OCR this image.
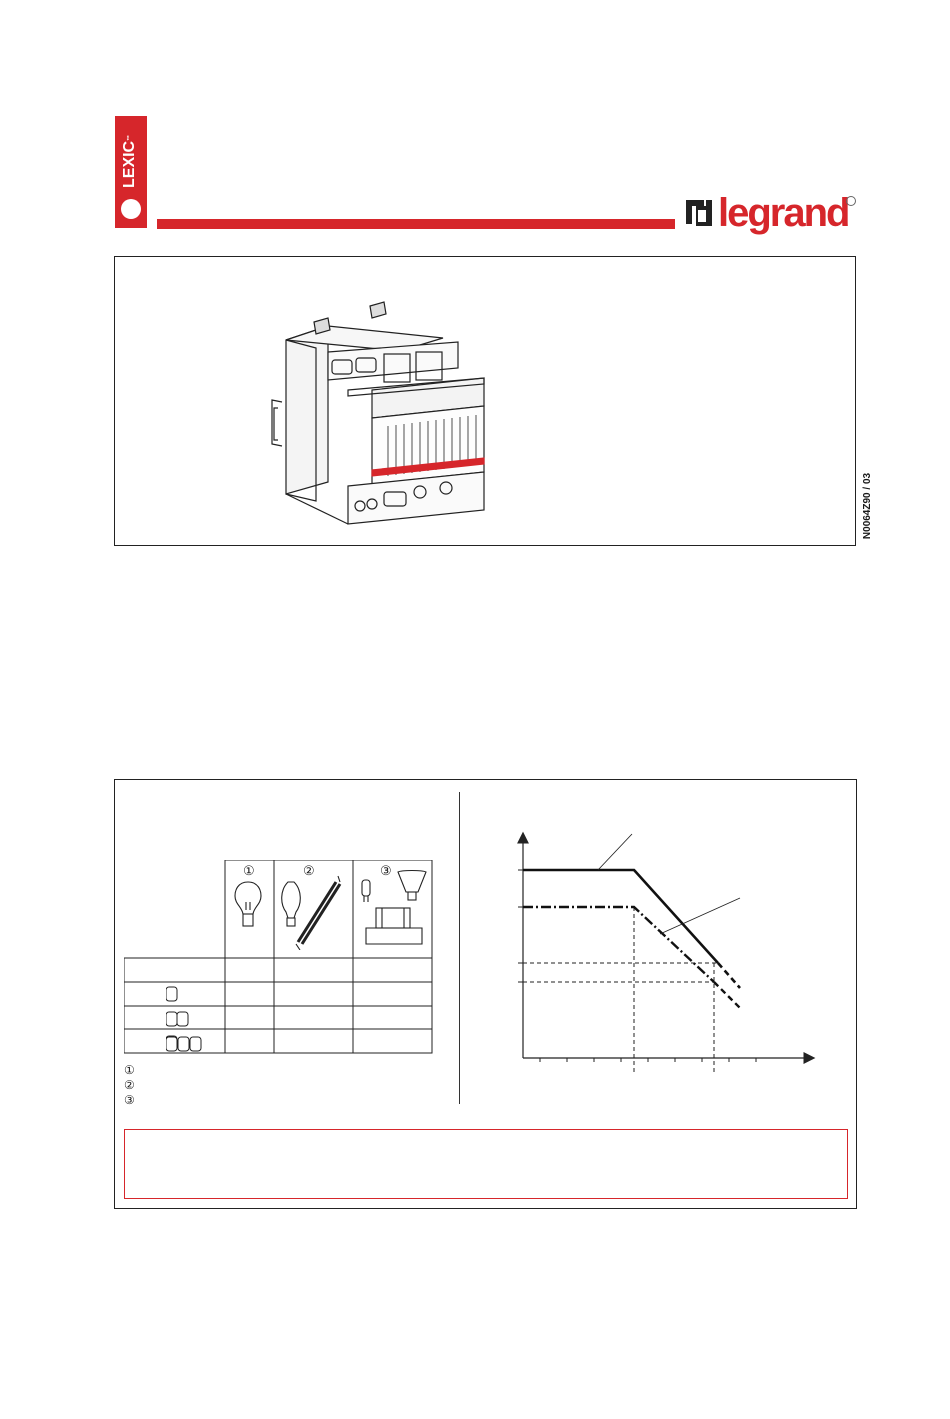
LEXIC™
legrand
N0064Z90 / 03
①	②	③
①
②
③
